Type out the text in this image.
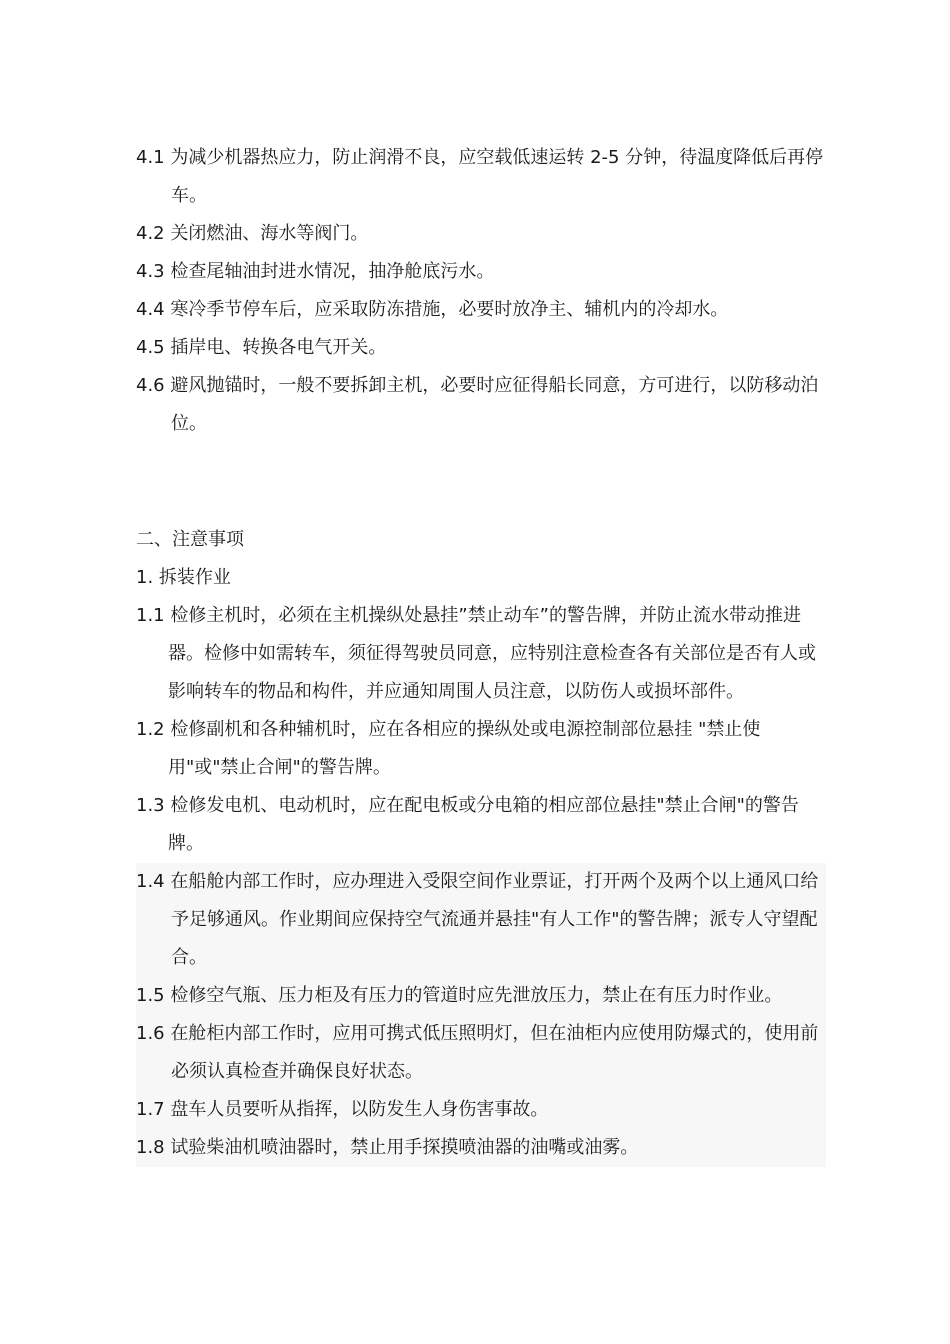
4.1 为减少机器热应力，防止润滑不良，应空载低速运转 2-5 分钟，待温度降低后再停车。

4.2 关闭燃油、海水等阀门。

4.3 检查尾轴油封进水情况，抽净舱底污水。

4.4 寒冷季节停车后，应采取防冻措施，必要时放净主、辅机内的冷却水。

4.5 插岸电、转换各电气开关。

4.6 避风抛锚时，一般不要拆卸主机，必要时应征得船长同意，方可进行，以防移动泊位。

二、注意事项

1. 拆装作业

1.1 检修主机时，必须在主机操纵处悬挂”禁止动车”的警告牌，并防止流水带动推进器。检修中如需转车，须征得驾驶员同意，应特别注意检查各有关部位是否有人或影响转车的物品和构件，并应通知周围人员注意，以防伤人或损坏部件。

1.2 检修副机和各种辅机时，应在各相应的操纵处或电源控制部位悬挂 "禁止使用"或"禁止合闸"的警告牌。

1.3 检修发电机、电动机时，应在配电板或分电箱的相应部位悬挂"禁止合闸"的警告牌。

1.4 在船舱内部工作时，应办理进入受限空间作业票证，打开两个及两个以上通风口给予足够通风。作业期间应保持空气流通并悬挂"有人工作"的警告牌；派专人守望配合。

1.5 检修空气瓶、压力柜及有压力的管道时应先泄放压力，禁止在有压力时作业。

1.6 在舱柜内部工作时，应用可携式低压照明灯，但在油柜内应使用防爆式的，使用前必须认真检查并确保良好状态。

1.7 盘车人员要听从指挥，以防发生人身伤害事故。

1.8 试验柴油机喷油器时，禁止用手探摸喷油器的油嘴或油雾。
